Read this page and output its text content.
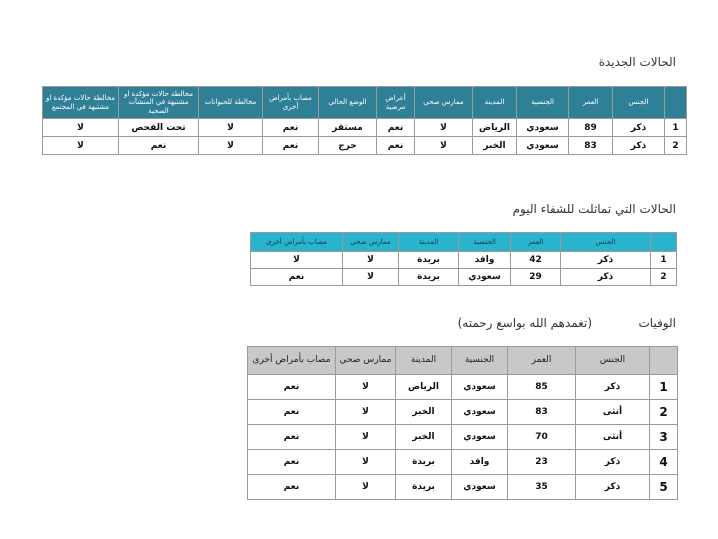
الحالات الجديدة
	الجنس	العمر	الجنسية	المدينة	ممارس صحي	أعراض مرضية	الوضع الحالي	مصاب بأمراض أخرى	مخالطة للحيوانات	مخالطة حالات مؤكدة او مشتبهة في المنشآت الصحية	مخالطة حالات مؤكدة او مشتبهة في المجتمع
1	ذكر	89	سعودي	الرياض	لا	نعم	مستقر	نعم	لا	تحت الفحص	لا
2	ذكر	83	سعودي	الخبر	لا	نعم	حرج	نعم	لا	نعم	لا
الحالات التي تماثلت للشفاء اليوم
	الجنس	العمر	الجنسية	المدينة	ممارس صحي	مصاب بأمراض أخرى
1	ذكر	42	وافد	بريدة	لا	لا
2	ذكر	29	سعودي	بريدة	لا	نعم
الوفيات
(تغمدهم الله بواسع رحمته)
	الجنس	العمر	الجنسية	المدينة	ممارس صحي	مصاب بأمراض أخرى
1	ذكر	85	سعودي	الرياض	لا	نعم
2	أنثى	83	سعودي	الخبر	لا	نعم
3	أنثى	70	سعودي	الخبر	لا	نعم
4	ذكر	23	وافد	بريدة	لا	نعم
5	ذكر	35	سعودي	بريدة	لا	نعم
